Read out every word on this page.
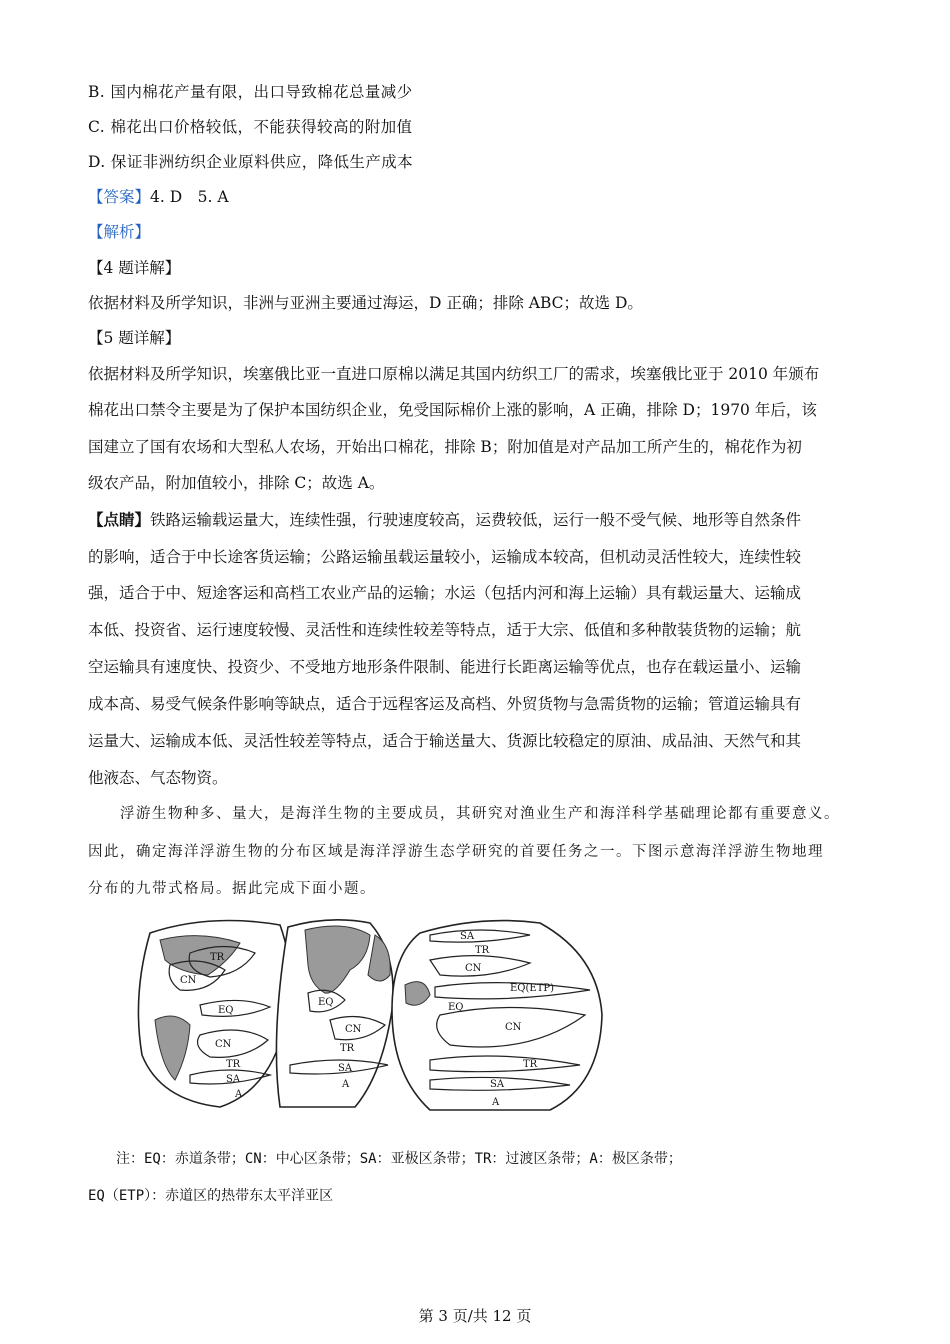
B. 国内棉花产量有限，出口导致棉花总量减少
C. 棉花出口价格较低，不能获得较高的附加值
D. 保证非洲纺织企业原料供应，降低生产成本
【答案】4. D　5. A
【解析】
【4 题详解】
依据材料及所学知识，非洲与亚洲主要通过海运，D 正确；排除 ABC；故选 D。
【5 题详解】
依据材料及所学知识，埃塞俄比亚一直进口原棉以满足其国内纺织工厂的需求，埃塞俄比亚于 2010 年颁布
棉花出口禁令主要是为了保护本国纺织企业，免受国际棉价上涨的影响，A 正确，排除 D；1970 年后，该
国建立了国有农场和大型私人农场，开始出口棉花，排除 B；附加值是对产品加工所产生的，棉花作为初
级农产品，附加值较小，排除 C；故选 A。
【点睛】铁路运输载运量大，连续性强，行驶速度较高，运费较低，运行一般不受气候、地形等自然条件
的影响，适合于中长途客货运输；公路运输虽载运量较小，运输成本较高，但机动灵活性较大，连续性较
强，适合于中、短途客运和高档工农业产品的运输；水运（包括内河和海上运输）具有载运量大、运输成
本低、投资省、运行速度较慢、灵活性和连续性较差等特点，适于大宗、低值和多种散装货物的运输；航
空运输具有速度快、投资少、不受地方地形条件限制、能进行长距离运输等优点，也存在载运量小、运输
成本高、易受气候条件影响等缺点，适合于远程客运及高档、外贸货物与急需货物的运输；管道运输具有
运量大、运输成本低、灵活性较差等特点，适合于输送量大、货源比较稳定的原油、成品油、天然气和其
他液态、气态物资。
　　浮游生物种多、量大，是海洋生物的主要成员，其研究对渔业生产和海洋科学基础理论都有重要意义。
因此，确定海洋浮游生物的分布区域是海洋浮游生态学研究的首要任务之一。下图示意海洋浮游生物地理
分布的九带式格局。据此完成下面小题。
TR
CN
EQ
CN
TR
SA
A
EQ
CN
TR
SA
A
SA
TR
CN
EQ(ETP)
EQ
CN
TR
SA
A
　　注：EQ：赤道条带；CN：中心区条带；SA：亚极区条带；TR：过渡区条带；A：极区条带；
EQ（ETP）：赤道区的热带东太平洋亚区
第 3 页/共 12 页
